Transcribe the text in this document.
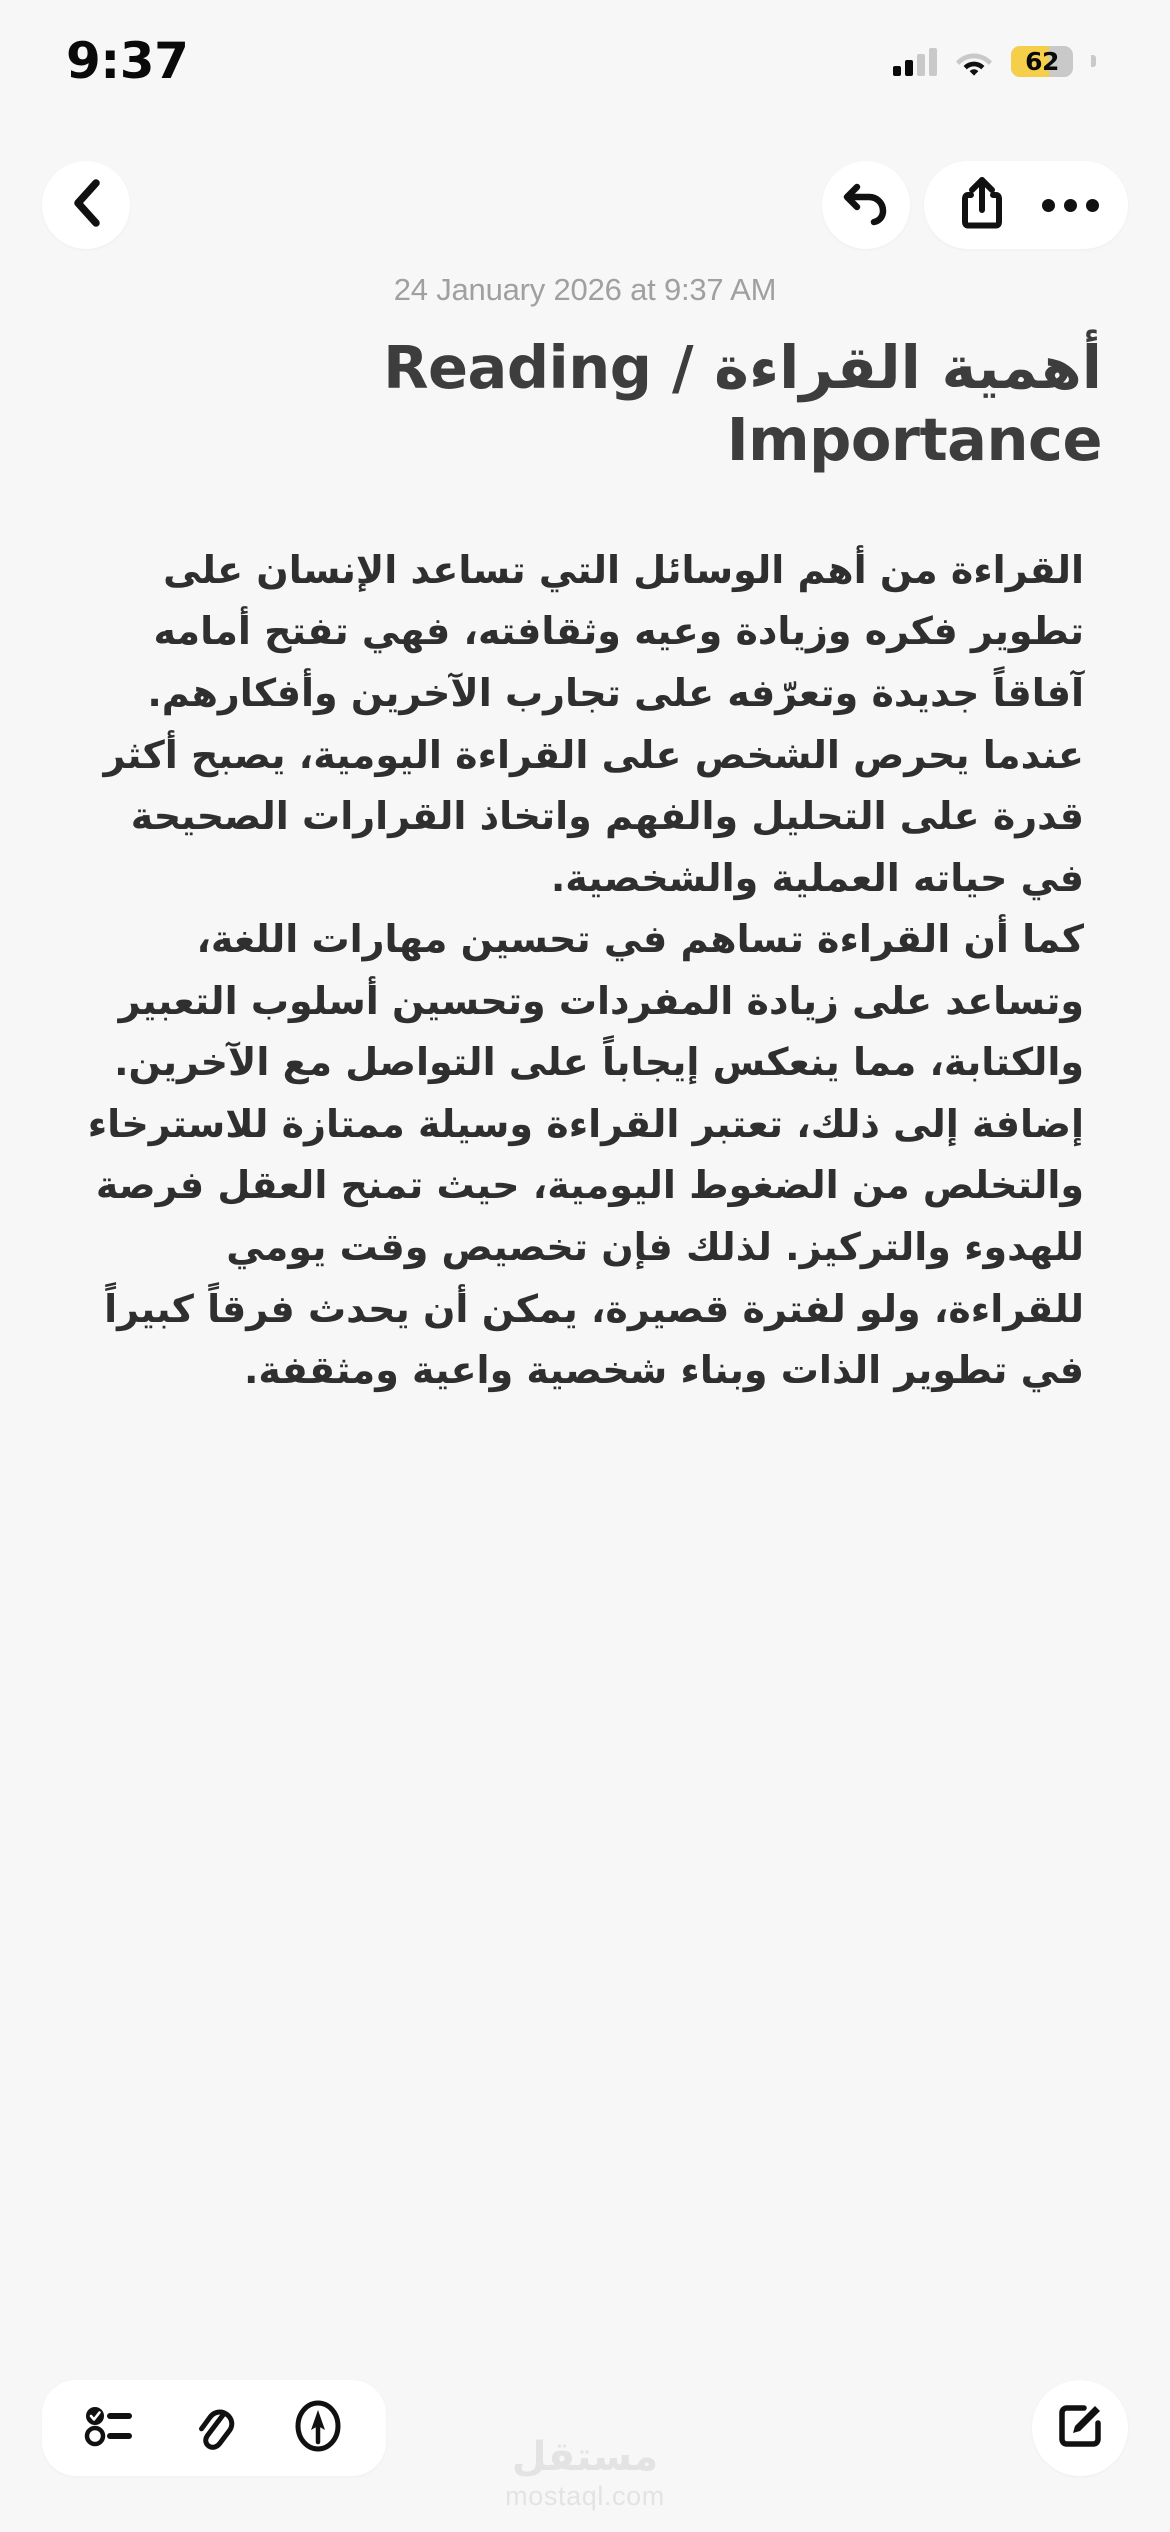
9:37	62
24 January 2026 at 9:37 AM
أهمية القراءة / Reading Importance

القراءة من أهم الوسائل التي تساعد الإنسان على تطوير فكره وزيادة وعيه وثقافته، فهي تفتح أمامه آفاقاً جديدة وتعرّفه على تجارب الآخرين وأفكارهم. عندما يحرص الشخص على القراءة اليومية، يصبح أكثر قدرة على التحليل والفهم واتخاذ القرارات الصحيحة في حياته العملية والشخصية.

كما أن القراءة تساهم في تحسين مهارات اللغة، وتساعد على زيادة المفردات وتحسين أسلوب التعبير والكتابة، مما ينعكس إيجاباً على التواصل مع الآخرين. إضافة إلى ذلك، تعتبر القراءة وسيلة ممتازة للاسترخاء والتخلص من الضغوط اليومية، حيث تمنح العقل فرصة للهدوء والتركيز. لذلك فإن تخصيص وقت يومي للقراءة، ولو لفترة قصيرة، يمكن أن يحدث فرقاً كبيراً في تطوير الذات وبناء شخصية واعية ومثقفة.

مستقل
mostaql.com
